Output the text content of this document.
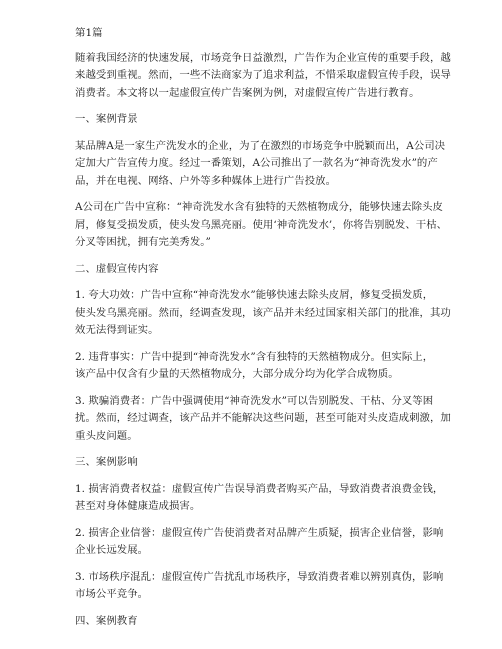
第1篇
随着我国经济的快速发展，市场竞争日益激烈，广告作为企业宣传的重要手段，越
来越受到重视。然而，一些不法商家为了追求利益，不惜采取虚假宣传手段，误导
消费者。本文将以一起虚假宣传广告案例为例，对虚假宣传广告进行教育。
一、案例背景
某品牌A是一家生产洗发水的企业，为了在激烈的市场竞争中脱颖而出，A公司决
定加大广告宣传力度。经过一番策划，A公司推出了一款名为“神奇洗发水”的产
品，并在电视、网络、户外等多种媒体上进行广告投放。
A公司在广告中宣称：“神奇洗发水含有独特的天然植物成分，能够快速去除头皮
屑，修复受损发质，使头发乌黑亮丽。使用‘神奇洗发水’，你将告别脱发、干枯、
分叉等困扰，拥有完美秀发。”
二、虚假宣传内容
1. 夸大功效：广告中宣称“神奇洗发水”能够快速去除头皮屑，修复受损发质，
使头发乌黑亮丽。然而，经调查发现，该产品并未经过国家相关部门的批准，其功
效无法得到证实。
2. 违背事实：广告中提到“神奇洗发水”含有独特的天然植物成分。但实际上，
该产品中仅含有少量的天然植物成分，大部分成分均为化学合成物质。
3. 欺骗消费者：广告中强调使用“神奇洗发水”可以告别脱发、干枯、分叉等困
扰。然而，经过调查，该产品并不能解决这些问题，甚至可能对头皮造成刺激，加
重头皮问题。
三、案例影响
1. 损害消费者权益：虚假宣传广告误导消费者购买产品，导致消费者浪费金钱，
甚至对身体健康造成损害。
2. 损害企业信誉：虚假宣传广告使消费者对品牌产生质疑，损害企业信誉，影响
企业长远发展。
3. 市场秩序混乱：虚假宣传广告扰乱市场秩序，导致消费者难以辨别真伪，影响
市场公平竞争。
四、案例教育
